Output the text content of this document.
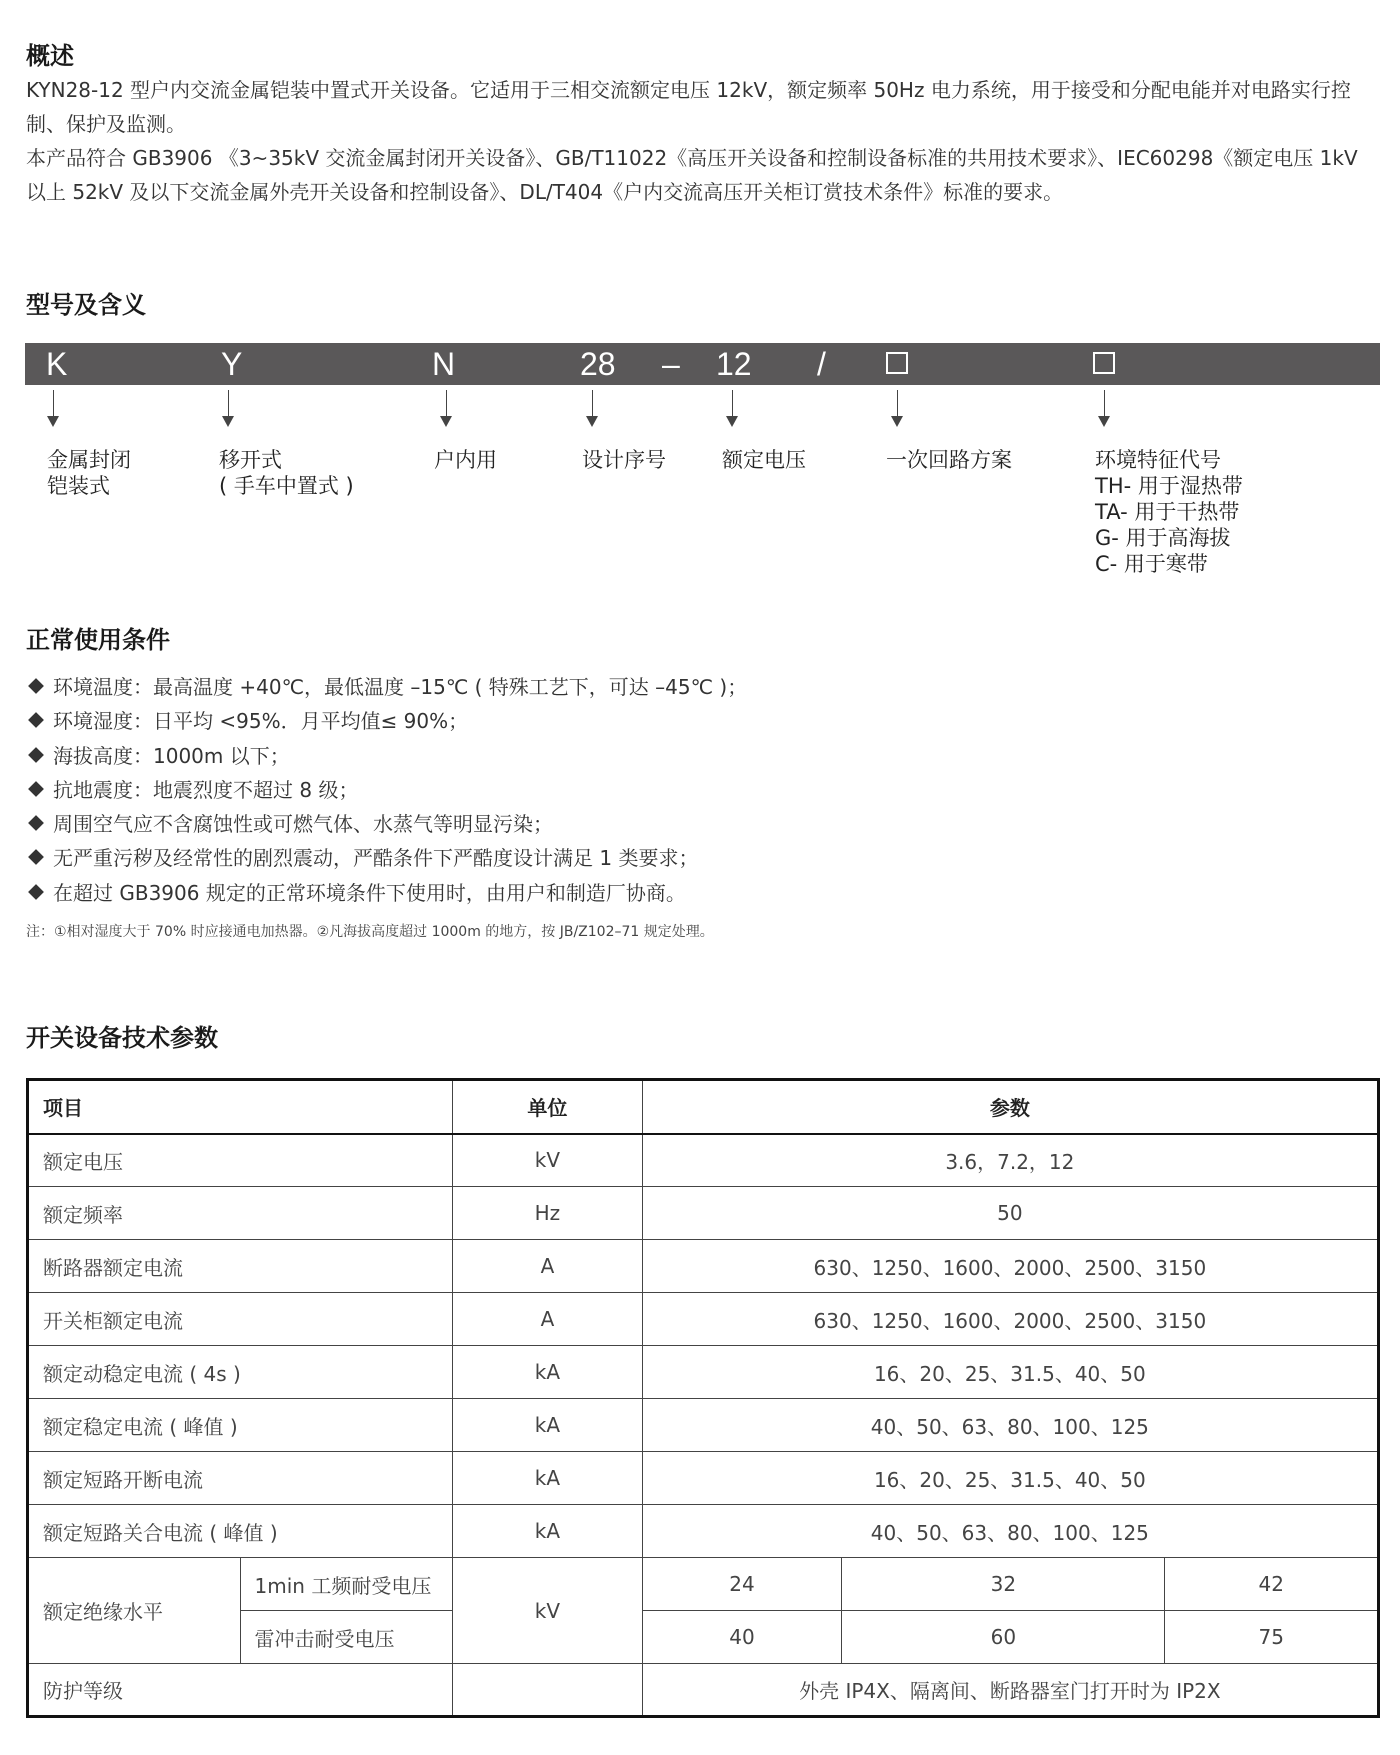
概述

KYN28-12 型户内交流金属铠装中置式开关设备。它适用于三相交流额定电压 12kV，额定频率 50Hz 电力系统，用于接受和分配电能并对电路实行控制、保护及监测。

本产品符合 GB3906 《3~35kV 交流金属封闭开关设备》、GB/T11022《高压开关设备和控制设备标准的共用技术要求》、IEC60298《额定电压 1kV 以上 52kV 及以下交流金属外壳开关设备和控制设备》、DL/T404《户内交流高压开关柜订赏技术条件》标准的要求。

型号及含义
K	Y	N	28 – 12 /
金属封闭
铠装式
移开式
( 手车中置式 )
户内用	设计序号	额定电压	一次回路方案	环境特征代号
TH- 用于湿热带
TA- 用于干热带
G- 用于高海拔
C- 用于寒带
正常使用条件
环境温度：最高温度 +40℃，最低温度 –15℃ ( 特殊工艺下，可达 –45℃ )；
环境湿度：日平均 <95%．月平均值≤ 90%；
海拔高度：1000m 以下；
抗地震度：地震烈度不超过 8 级；
周围空气应不含腐蚀性或可燃气体、水蒸气等明显污染；
无严重污秽及经常性的剧烈震动，严酷条件下严酷度设计满足 1 类要求；
在超过 GB3906 规定的正常环境条件下使用时，由用户和制造厂协商。
注：①相对湿度大于 70% 时应接通电加热器。②凡海拔高度超过 1000m 的地方，按 JB/Z102–71 规定处理。
开关设备技术参数
项目		单位	参数		
额定电压		kV	3.6，7.2，12		
额定频率		Hz	50		
断路器额定电流		A	630、1250、1600、2000、2500、3150		
开关柜额定电流		A	630、1250、1600、2000、2500、3150		
额定动稳定电流 ( 4s )		kA	16、20、25、31.5、40、50		
额定稳定电流 ( 峰值 )		kA	40、50、63、80、100、125		
额定短路开断电流		kA	16、20、25、31.5、40、50		
额定短路关合电流 ( 峰值 )		kA	40、50、63、80、100、125		
额定绝缘水平	1min 工频耐受电压	kV	24	32	42
	雷冲击耐受电压		40	60	75
防护等级			外壳 IP4X、隔离间、断路器室门打开时为 IP2X		
